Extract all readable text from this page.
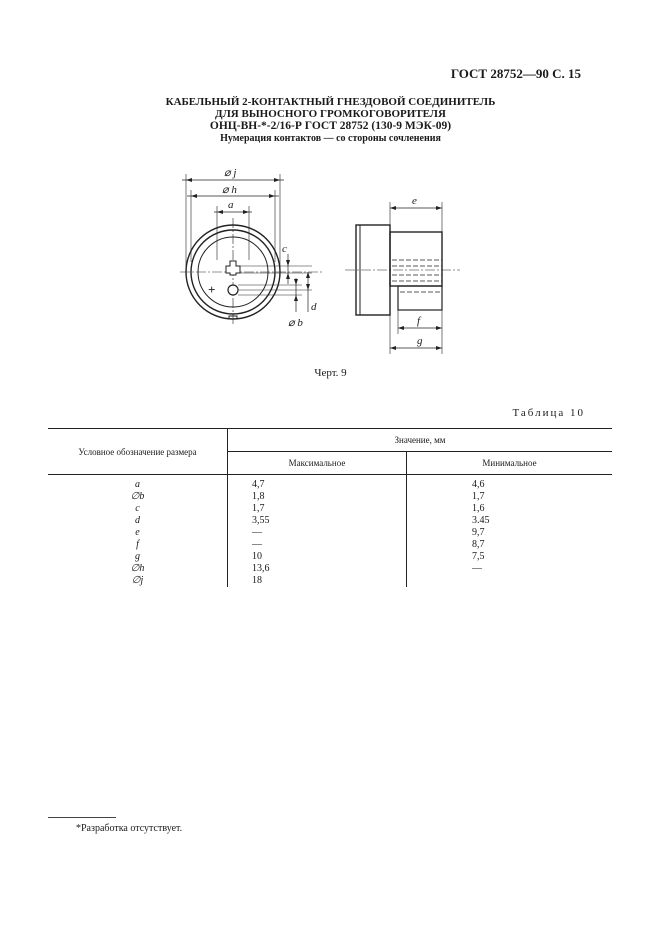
ГОСТ 28752—90 С. 15
КАБЕЛЬНЫЙ 2-КОНТАКТНЫЙ ГНЕЗДОВОЙ СОЕДИНИТЕЛЬ
ДЛЯ ВЫНОСНОГО ГРОМКОГОВОРИТЕЛЯ
ОНЦ-ВН-*-2/16-Р ГОСТ 28752 (130-9 МЭК-09)
Нумерация контактов — со стороны сочленения
⌀ j
⌀ h
a
c
⌀ b
d
e
f
g
+
Черт. 9
Таблица 10
Условное обозначение размера	Значение, мм	
	Максимальное	Минимальное
a	4,7	4,6
∅b	1,8	1,7
c	1,7	1,6
d	3,55	3.45
e	—	9,7
f	—	8,7
g	10	7,5
∅h	13,6	—
∅j	18	
*Разработка отсутствует.
